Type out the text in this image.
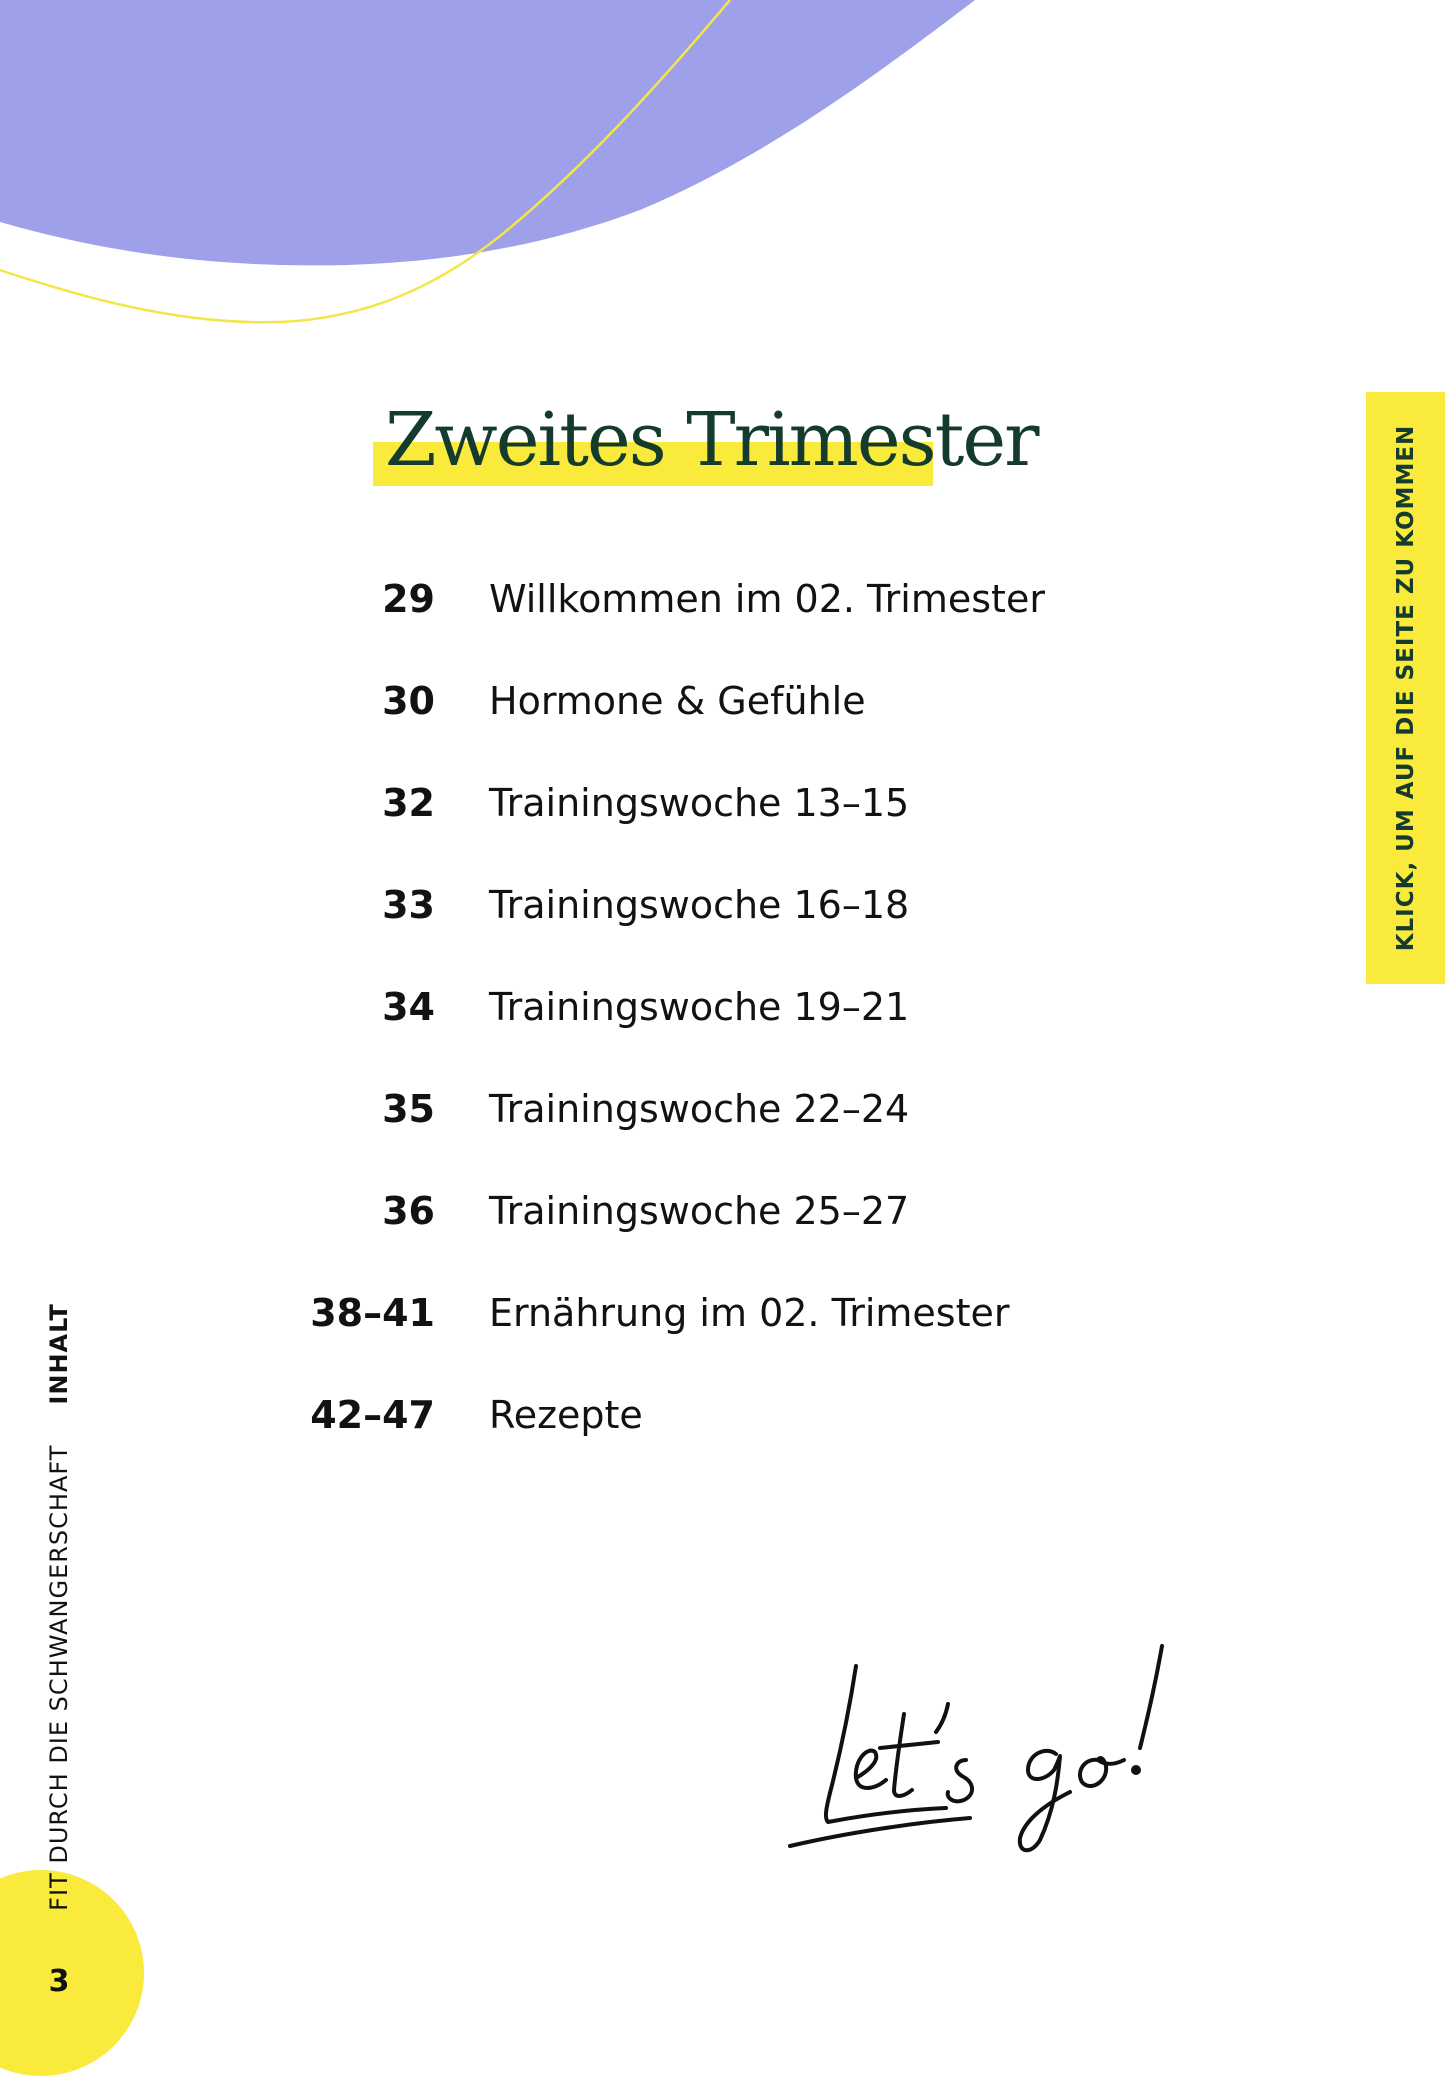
Zweites Trimester
29 Willkommen im 02. Trimester
30 Hormone & Gefühle
32 Trainingswoche 13–15
33 Trainingswoche 16–18
34 Trainingswoche 19–21
35 Trainingswoche 22–24
36 Trainingswoche 25–27
38–41 Ernährung im 02. Trimester
42–47 Rezepte
KLICK, UM AUF DIE SEITE ZU KOMMEN
3
FIT DURCH DIE SCHWANGERSCHAFTINHALT
